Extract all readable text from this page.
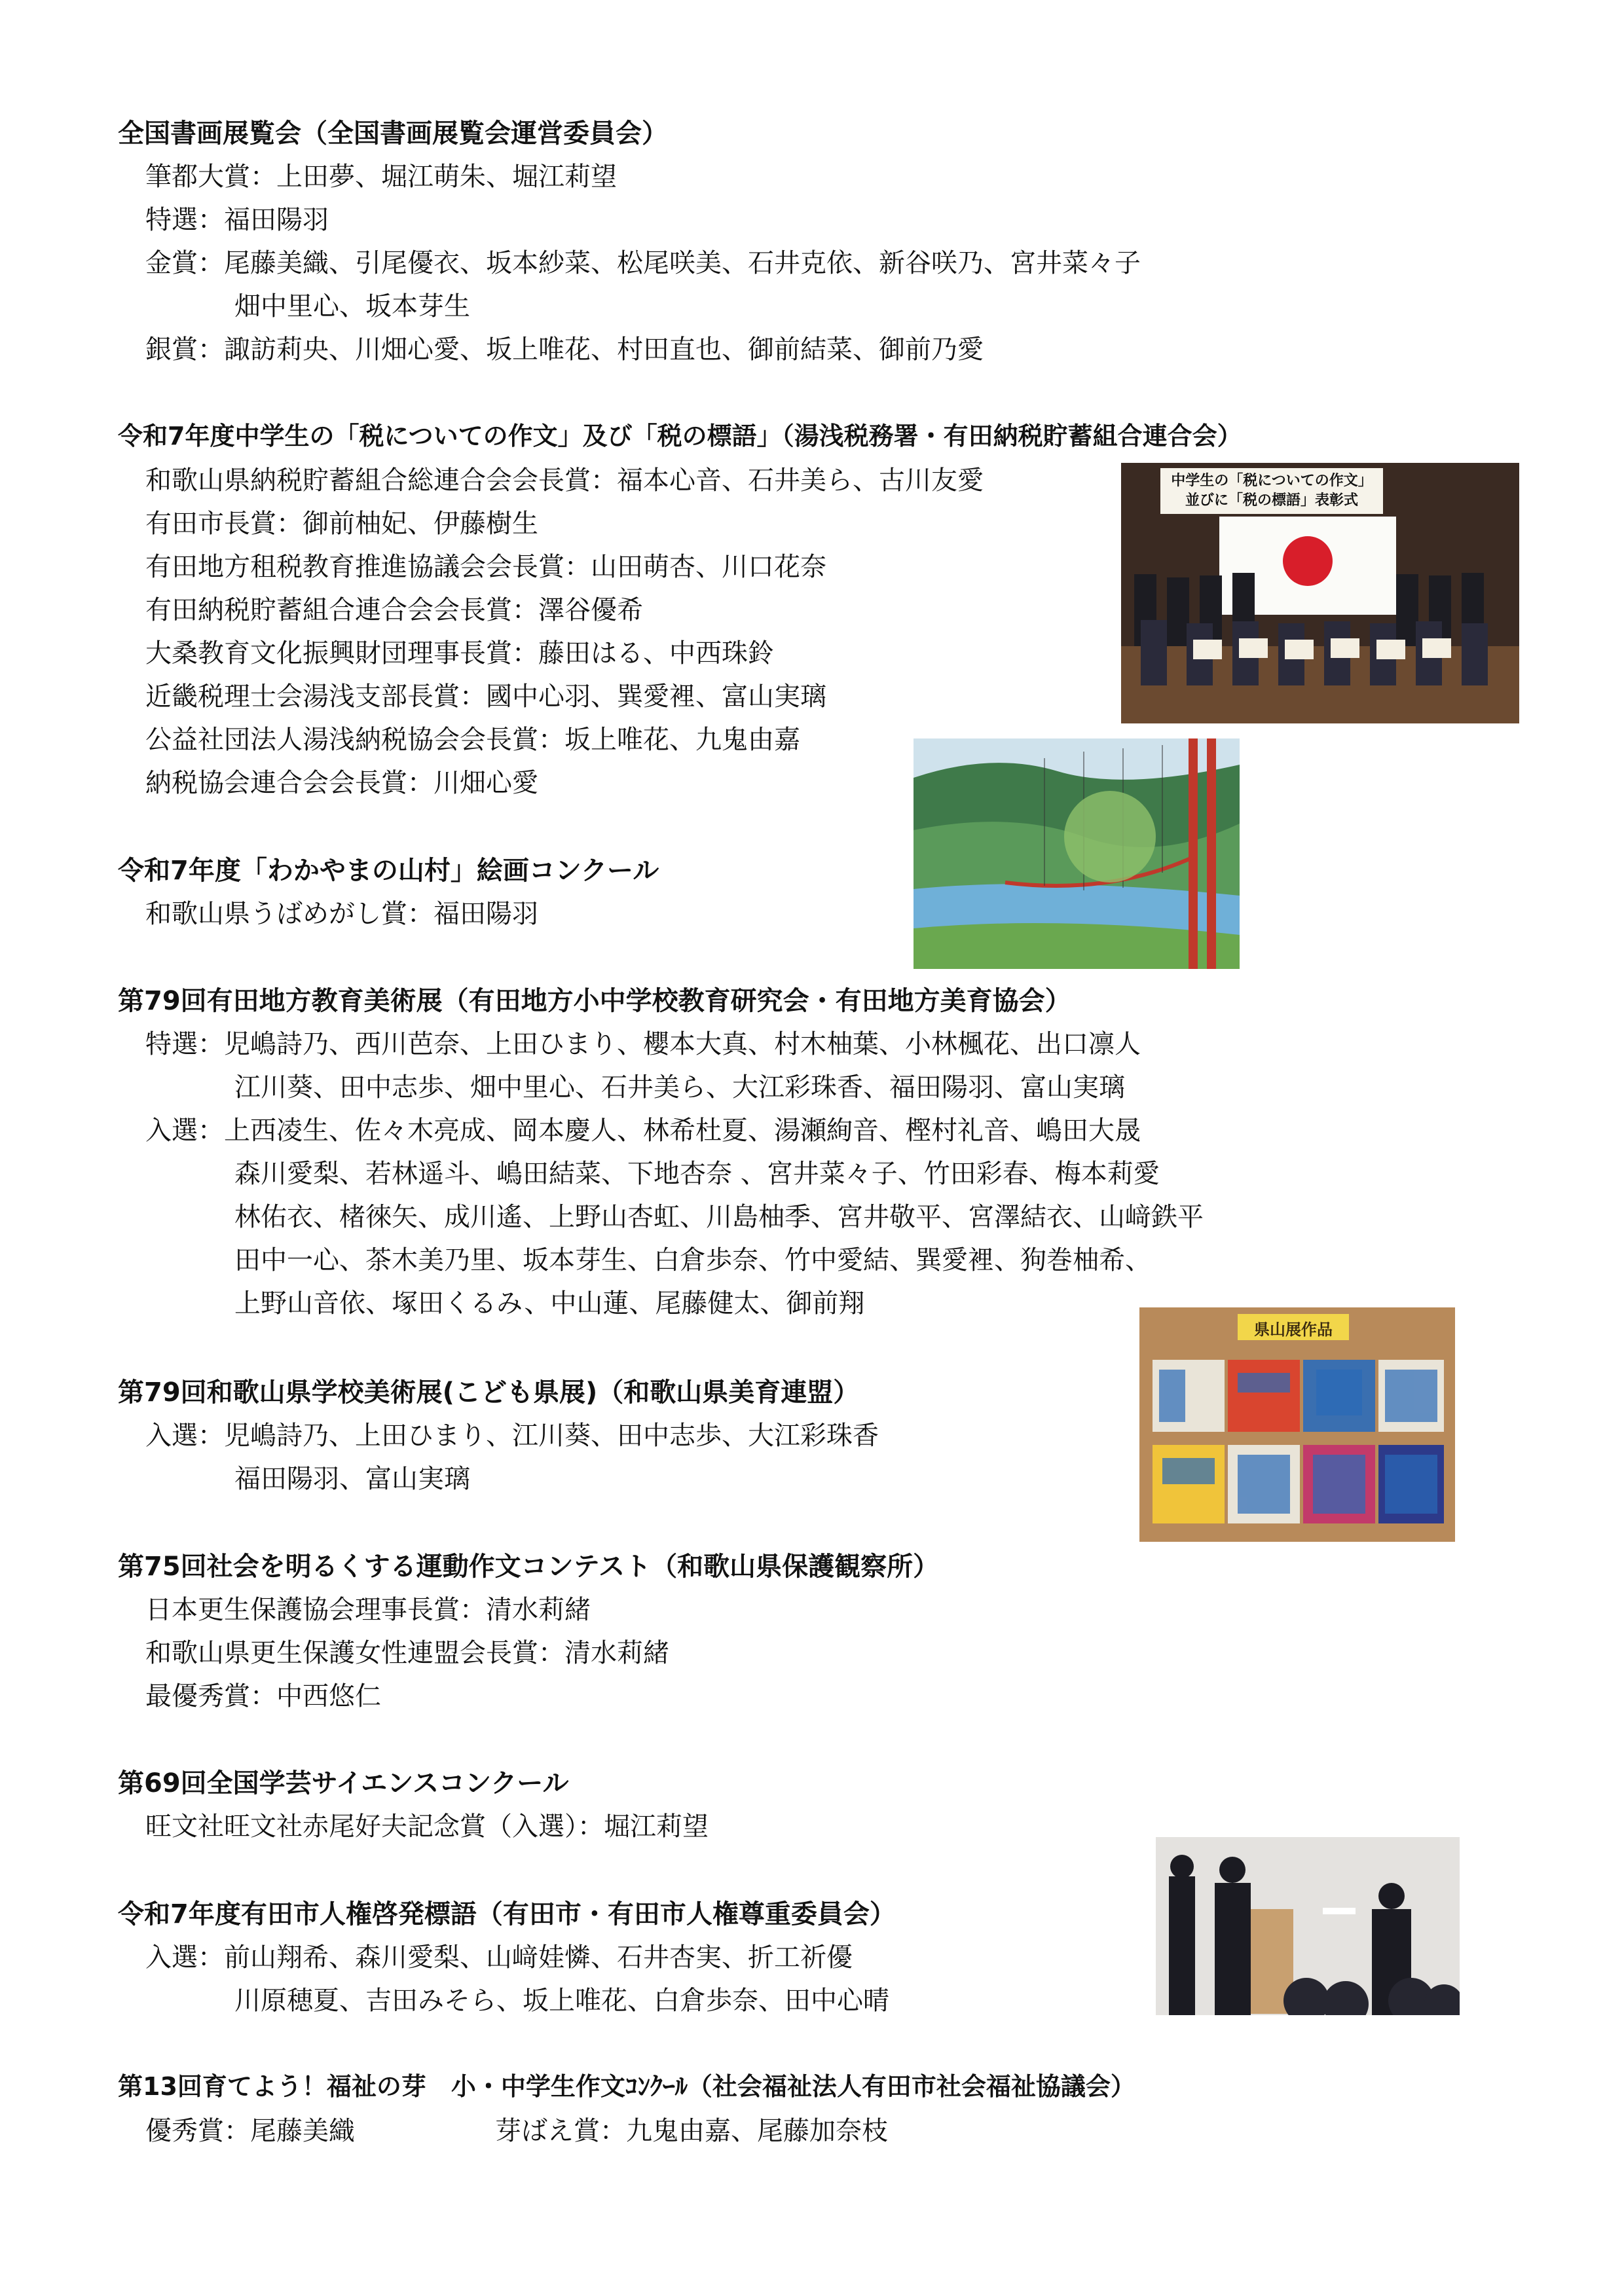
全国書画展覧会（全国書画展覧会運営委員会）
筆都大賞：上田夢、堀江萌朱、堀江莉望
特選：福田陽羽
金賞：尾藤美織、引尾優衣、坂本紗菜、松尾咲美、石井克依、新谷咲乃、宮井菜々子
畑中里心、坂本芽生
銀賞：諏訪莉央、川畑心愛、坂上唯花、村田直也、御前結菜、御前乃愛
令和7年度中学生の「税についての作文」及び「税の標語」（湯浅税務署・有田納税貯蓄組合連合会）
和歌山県納税貯蓄組合総連合会会長賞：福本心音、石井美ら、古川友愛
有田市長賞：御前柚妃、伊藤樹生
有田地方租税教育推進協議会会長賞：山田萌杏、川口花奈
有田納税貯蓄組合連合会会長賞：澤谷優希
大桑教育文化振興財団理事長賞：藤田はる、中西珠鈴
近畿税理士会湯浅支部長賞：國中心羽、巽愛裡、富山実璃
公益社団法人湯浅納税協会会長賞：坂上唯花、九鬼由嘉
納税協会連合会会長賞：川畑心愛
令和7年度「わかやまの山村」絵画コンクール
和歌山県うばめがし賞：福田陽羽
第79回有田地方教育美術展（有田地方小中学校教育研究会・有田地方美育協会）
特選：児嶋詩乃、西川芭奈、上田ひまり、櫻本大真、村木柚葉、小林楓花、出口凛人
江川葵、田中志歩、畑中里心、石井美ら、大江彩珠香、福田陽羽、富山実璃
入選：上西凌生、佐々木亮成、岡本慶人、林希杜夏、湯瀬絢音、樫村礼音、嶋田大晟
森川愛梨、若林遥斗、嶋田結菜、下地杏奈 、宮井菜々子、竹田彩春、梅本莉愛
林佑衣、楮徠矢、成川遙、上野山杏虹、川島柚季、宮井敬平、宮澤結衣、山﨑鉄平
田中一心、茶木美乃里、坂本芽生、白倉歩奈、竹中愛結、巽愛裡、狗巻柚希、
上野山音依、塚田くるみ、中山蓮、尾藤健太、御前翔
第79回和歌山県学校美術展(こども県展)（和歌山県美育連盟）
入選：児嶋詩乃、上田ひまり、江川葵、田中志歩、大江彩珠香
福田陽羽、富山実璃
第75回社会を明るくする運動作文コンテスト（和歌山県保護観察所）
日本更生保護協会理事長賞：清水莉緒
和歌山県更生保護女性連盟会長賞：清水莉緒
最優秀賞：中西悠仁
第69回全国学芸サイエンスコンクール
旺文社旺文社赤尾好夫記念賞（入選）：堀江莉望
令和7年度有田市人権啓発標語（有田市・有田市人権尊重委員会）
入選：前山翔希、森川愛梨、山﨑娃憐、石井杏実、折工祈優
川原穂夏、吉田みそら、坂上唯花、白倉歩奈、田中心晴
第13回育てよう！福祉の芽　小・中学生作文ｺﾝｸｰﾙ（社会福祉法人有田市社会福祉協議会）
優秀賞：尾藤美織	芽ばえ賞：九鬼由嘉、尾藤加奈枝
中学生の「税についての作文」
並びに「税の標語」表彰式
県山展作品
